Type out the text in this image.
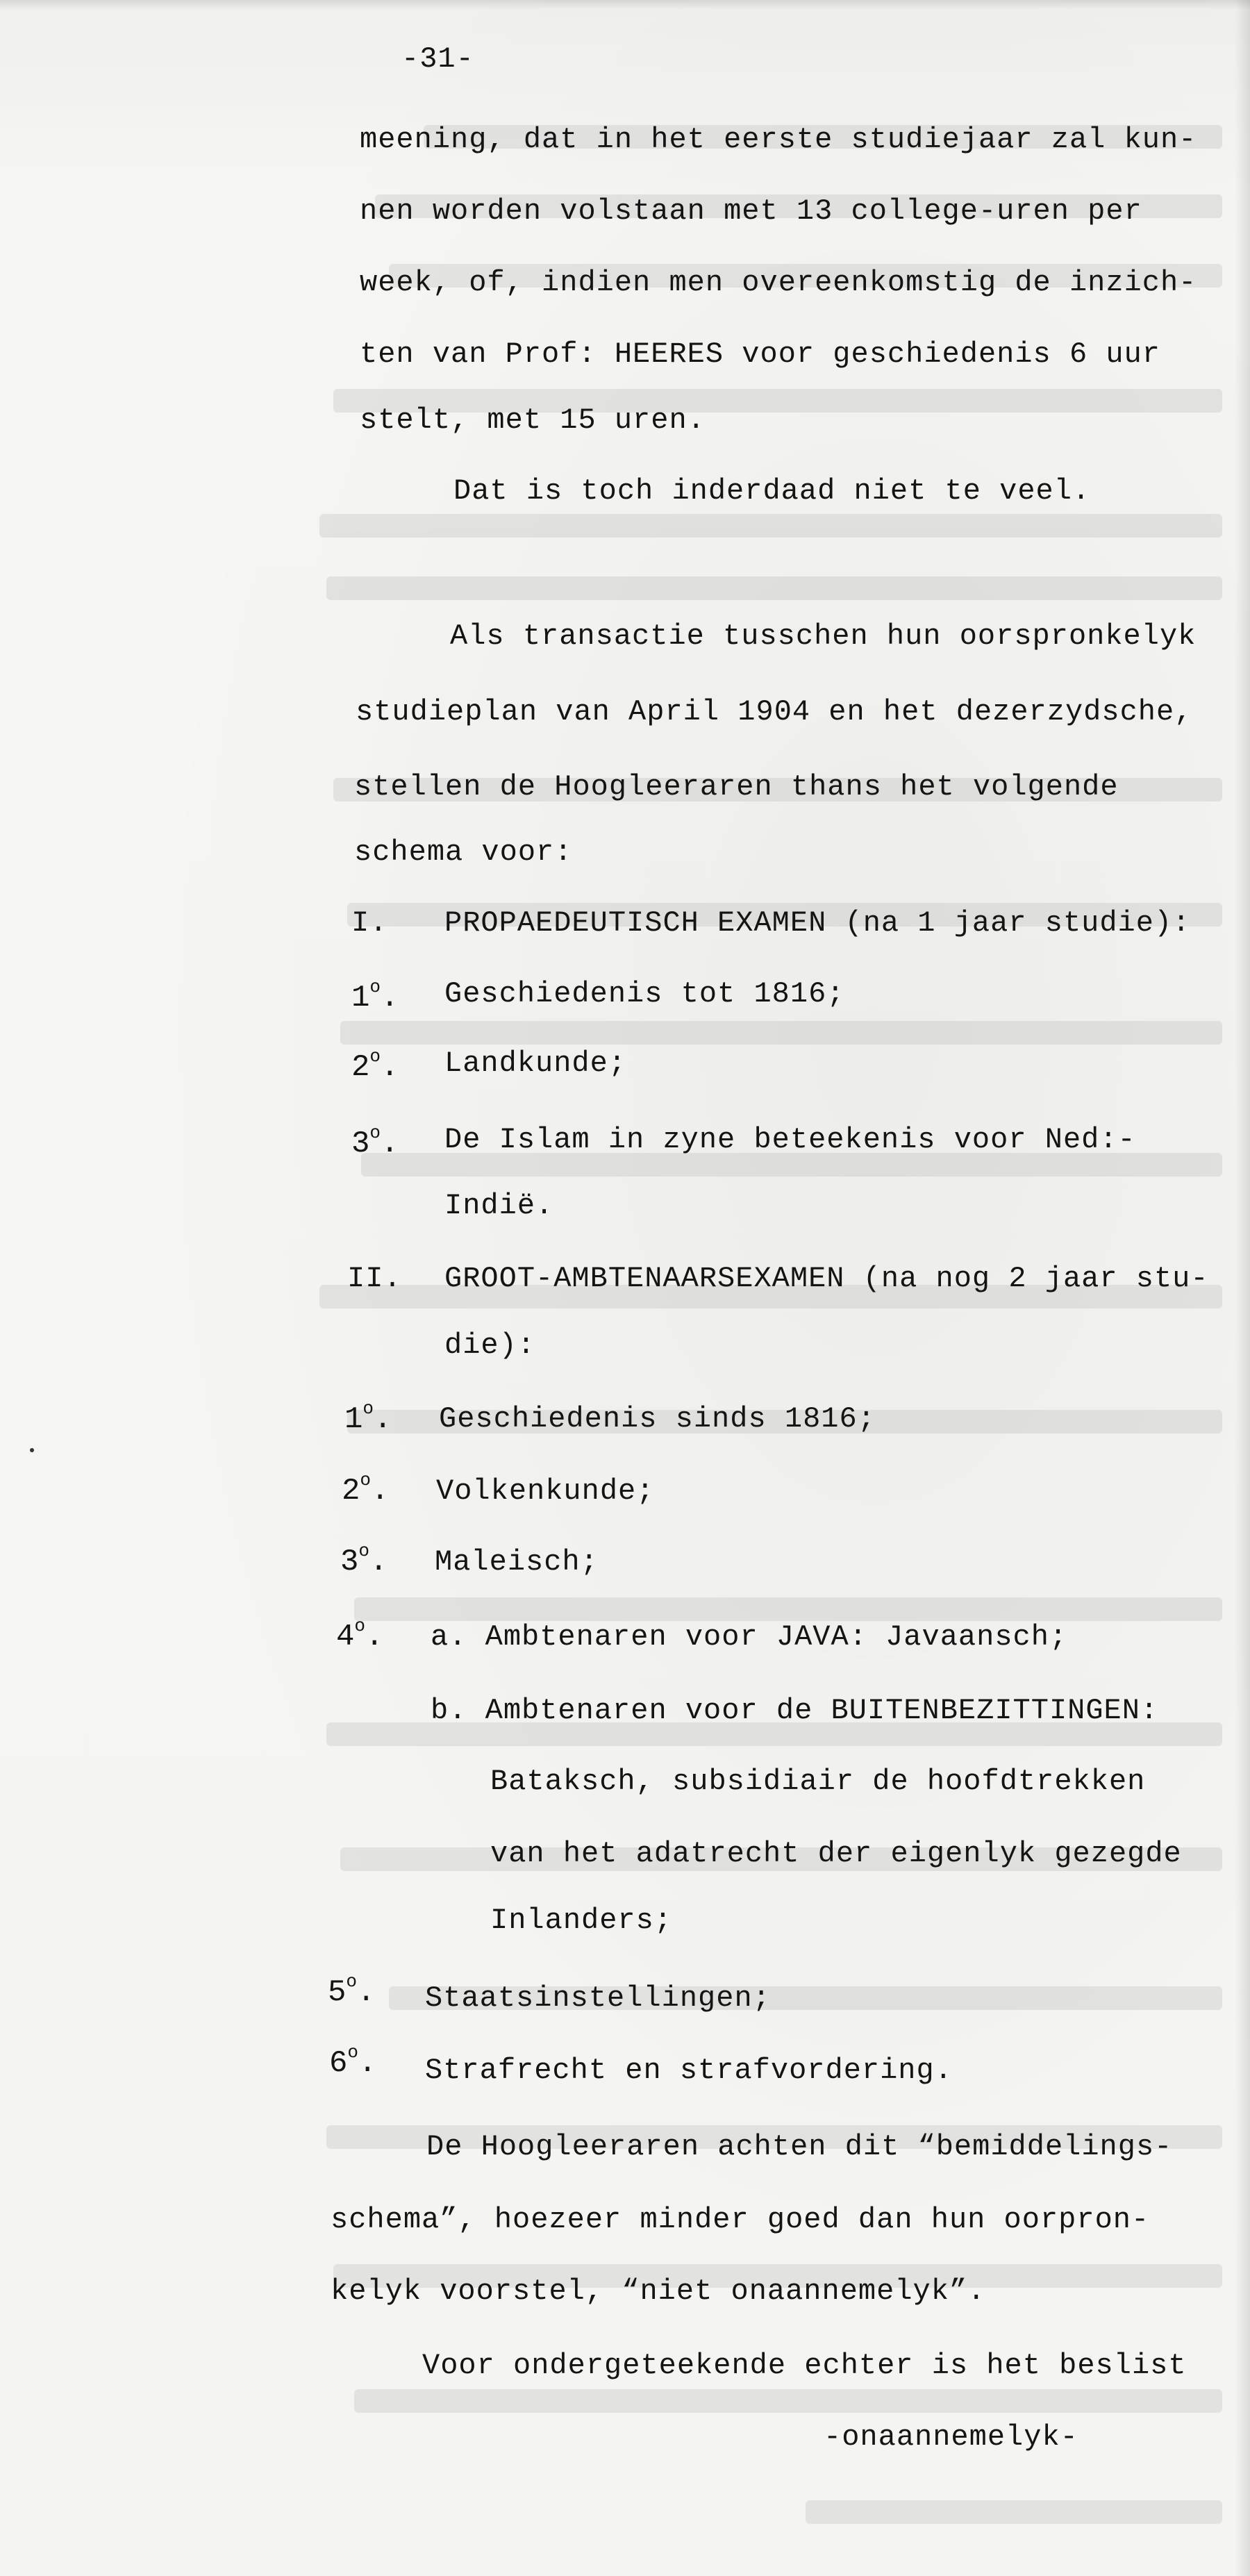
-31-
meening, dat in het eerste studiejaar zal kun-
nen worden volstaan met 13 college-uren per
week, of, indien men overeenkomstig de inzich-
ten van Prof: HEERES voor geschiedenis 6 uur
stelt, met 15 uren.
Dat is toch inderdaad niet te veel.
Als transactie tusschen hun oorspronkelyk
studieplan van April 1904 en het dezerzydsche,
stellen de Hoogleeraren thans het volgende
schema voor:
I. PROPAEDEUTISCH EXAMEN (na 1 jaar studie):
1$^o$. Geschiedenis tot 1816;
2$^o$. Landkunde;
3$^o$. De Islam in zyne beteekenis voor Ned:-
Indië.
II. GROOT-AMBTENAARSEXAMEN (na nog 2 jaar stu-
die):
1$^o$. Geschiedenis sinds 1816;
2$^o$. Volkenkunde;
3$^o$. Maleisch;
4$^o$. a. Ambtenaren voor JAVA: Javaansch;
b. Ambtenaren voor de BUITENBEZITTINGEN:
Bataksch, subsidiair de hoofdtrekken
van het adatrecht der eigenlyk gezegde
Inlanders;
5$^o$. Staatsinstellingen;
6$^o$. Strafrecht en strafvordering.
De Hoogleeraren achten dit “bemiddelings-
schema”, hoezeer minder goed dan hun oorpron-
kelyk voorstel, “niet onaannemelyk”.
Voor ondergeteekende echter is het beslist
-onaannemelyk-
